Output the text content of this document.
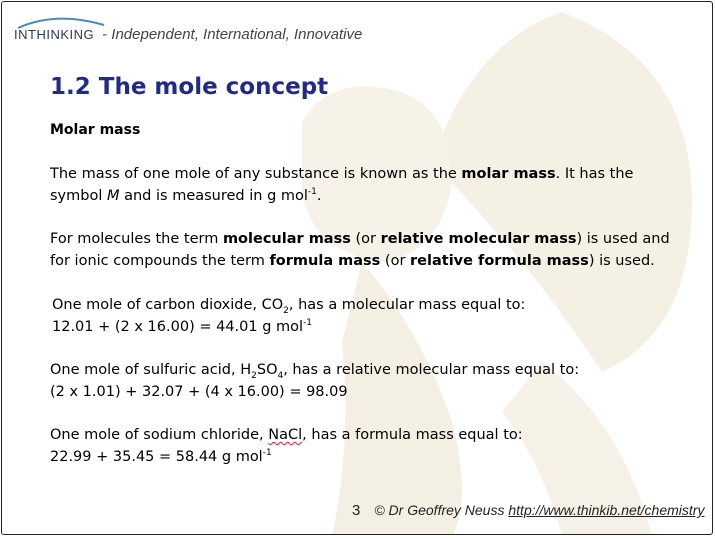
INTHINKING - Independent, International, Innovative
1.2 The mole concept
Molar mass
The mass of one mole of any substance is known as the molar mass. It has the symbol M and is measured in g mol$^{-1}$.
For molecules the term molecular mass (or relative molecular mass) is used and for ionic compounds the term formula mass (or relative formula mass) is used.
One mole of carbon dioxide, $CO_2$, has a molecular mass equal to:
12.01 + (2 x 16.00) = 44.01 g mol$^{-1}$
One mole of sulfuric acid, $H_2SO_4$, has a relative molecular mass equal to:
(2 x 1.01) + 32.07 + (4 x 16.00) = 98.09
One mole of sodium chloride, NaCl, has a formula mass equal to:
22.99 + 35.45 = 58.44 g mol$^{-1}$
3 © Dr Geoffrey Neuss http://www.thinkib.net/chemistry
